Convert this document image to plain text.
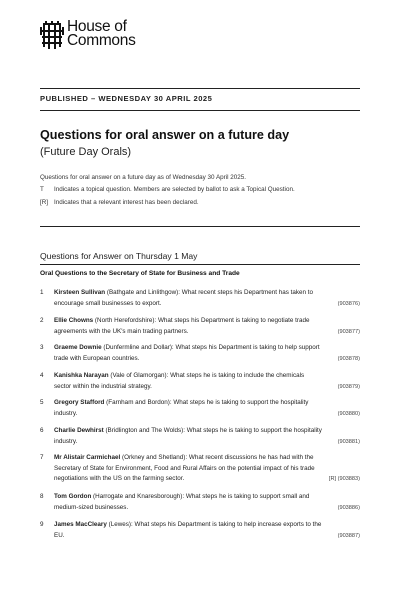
House of
Commons
PUBLISHED – WEDNESDAY 30 APRIL 2025
Questions for oral answer on a future day
(Future Day Orals)
Questions for oral answer on a future day as of Wednesday 30 April 2025.
T	Indicates a topical question. Members are selected by ballot to ask a Topical Question.
[R] Indicates that a relevant interest has been declared.
Questions for Answer on Thursday 1 May
Oral Questions to the Secretary of State for Business and Trade
1 Kirsteen Sullivan (Bathgate and Linlithgow): What recent steps his Department has taken to encourage small businesses to export.	(903876)
2 Ellie Chowns (North Herefordshire): What steps his Department is taking to negotiate trade agreements with the UK's main trading partners.	(903877)
3 Graeme Downie (Dunfermline and Dollar): What steps his Department is taking to help support trade with European countries.	(903878)
4 Kanishka Narayan (Vale of Glamorgan): What steps he is taking to include the chemicals sector within the industrial strategy.	(903879)
5 Gregory Stafford (Farnham and Bordon): What steps he is taking to support the hospitality industry.	(903880)
6 Charlie Dewhirst (Bridlington and The Wolds): What steps he is taking to support the hospitality industry.	(903881)
7 Mr Alistair Carmichael (Orkney and Shetland): What recent discussions he has had with the Secretary of State for Environment, Food and Rural Affairs on the potential impact of his trade negotiations with the US on the farming sector.	[R] (903883)
8 Tom Gordon (Harrogate and Knaresborough): What steps he is taking to support small and medium-sized businesses.	(903886)
9 James MacCleary (Lewes): What steps his Department is taking to help increase exports to the EU.	(903887)
